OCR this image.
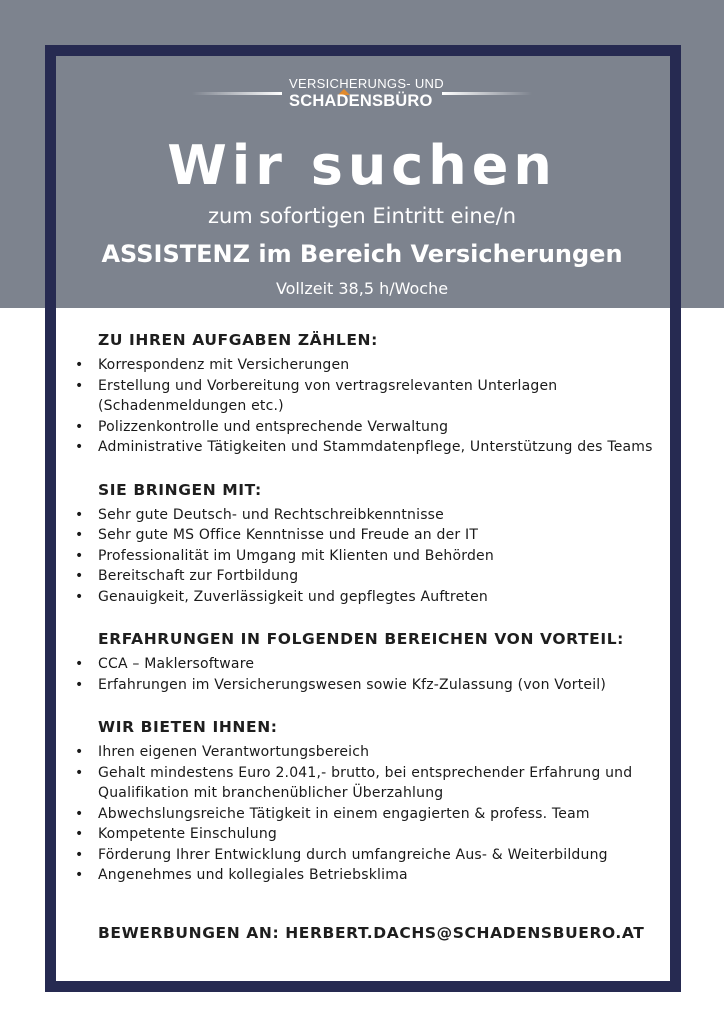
VERSICHERUNGS- UND
SCHADENSBÜRO
Wir suchen
zum sofortigen Eintritt eine/n
ASSISTENZ im Bereich Versicherungen
Vollzeit 38,5 h/Woche
ZU IHREN AUFGABEN ZÄHLEN:
• Korrespondenz mit Versicherungen
• Erstellung und Vorbereitung von vertragsrelevanten Unterlagen (Schadenmeldungen etc.)
• Polizzenkontrolle und entsprechende Verwaltung
• Administrative Tätigkeiten und Stammdatenpflege, Unterstützung des Teams
SIE BRINGEN MIT:
• Sehr gute Deutsch- und Rechtschreibkenntnisse
• Sehr gute MS Office Kenntnisse und Freude an der IT
• Professionalität im Umgang mit Klienten und Behörden
• Bereitschaft zur Fortbildung
• Genauigkeit, Zuverlässigkeit und gepflegtes Auftreten
ERFAHRUNGEN IN FOLGENDEN BEREICHEN VON VORTEIL:
• CCA – Maklersoftware
• Erfahrungen im Versicherungswesen sowie Kfz-Zulassung (von Vorteil)
WIR BIETEN IHNEN:
• Ihren eigenen Verantwortungsbereich
• Gehalt mindestens Euro 2.041,- brutto, bei entsprechender Erfahrung und Qualifikation mit branchenüblicher Überzahlung
• Abwechslungsreiche Tätigkeit in einem engagierten & profess. Team
• Kompetente Einschulung
• Förderung Ihrer Entwicklung durch umfangreiche Aus- & Weiterbildung
• Angenehmes und kollegiales Betriebsklima
BEWERBUNGEN AN: HERBERT.DACHS@SCHADENSBUERO.AT
